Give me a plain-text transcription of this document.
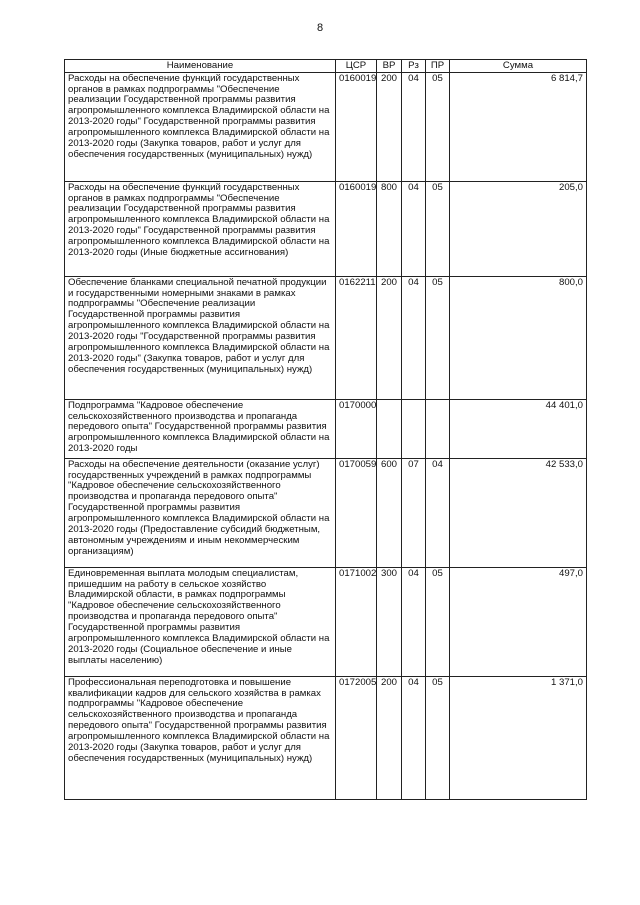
8
Наименование	ЦСР	ВР	Рз	ПР	Сумма
Расходы на обеспечение функций государственных органов в рамках подпрограммы "Обеспечение реализации Государственной программы развития агропромышленного комплекса Владимирской области на 2013-2020 годы" Государственной программы развития агропромышленного комплекса Владимирской области на 2013-2020 годы (Закупка товаров, работ и услуг для обеспечения государственных (муниципальных) нужд)	0160019	200	04	05	6 814,7
Расходы на обеспечение функций государственных органов в рамках подпрограммы "Обеспечение реализации Государственной программы развития агропромышленного комплекса Владимирской области на 2013-2020 годы" Государственной программы развития агропромышленного комплекса Владимирской области на 2013-2020 годы (Иные бюджетные ассигнования)	0160019	800	04	05	205,0
Обеспечение бланками специальной печатной продукции и государственными номерными знаками в рамках подпрограммы "Обеспечение реализации Государственной программы развития агропромышленного комплекса Владимирской области на 2013-2020 годы "Государственной программы развития агропромышленного комплекса Владимирской области на 2013-2020 годы" (Закупка товаров, работ и услуг для обеспечения государственных (муниципальных) нужд)	0162211	200	04	05	800,0
Подпрограмма "Кадровое обеспечение сельскохозяйственного производства и пропаганда передового опыта" Государственной программы развития агропромышленного комплекса Владимирской области на 2013-2020 годы	0170000				44 401,0
Расходы на обеспечение деятельности (оказание услуг) государственных учреждений в рамках подпрограммы "Кадровое обеспечение сельскохозяйственного производства и пропаганда передового опыта" Государственной программы развития агропромышленного комплекса Владимирской области на 2013-2020 годы (Предоставление субсидий бюджетным, автономным учреждениям и иным некоммерческим организациям)	0170059	600	07	04	42 533,0
Единовременная выплата молодым специалистам, пришедшим на работу в сельское хозяйство Владимирской области, в рамках подпрограммы "Кадровое обеспечение сельскохозяйственного производства и пропаганда передового опыта" Государственной программы развития агропромышленного комплекса Владимирской области на 2013-2020 годы (Социальное обеспечение и иные выплаты населению)	0171002	300	04	05	497,0
Профессиональная переподготовка и повышение квалификации кадров для сельского хозяйства в рамках подпрограммы "Кадровое обеспечение сельскохозяйственного производства и пропаганда передового опыта" Государственной программы развития агропромышленного комплекса Владимирской области на 2013-2020 годы (Закупка товаров, работ и услуг для обеспечения государственных (муниципальных) нужд)	0172005	200	04	05	1 371,0
